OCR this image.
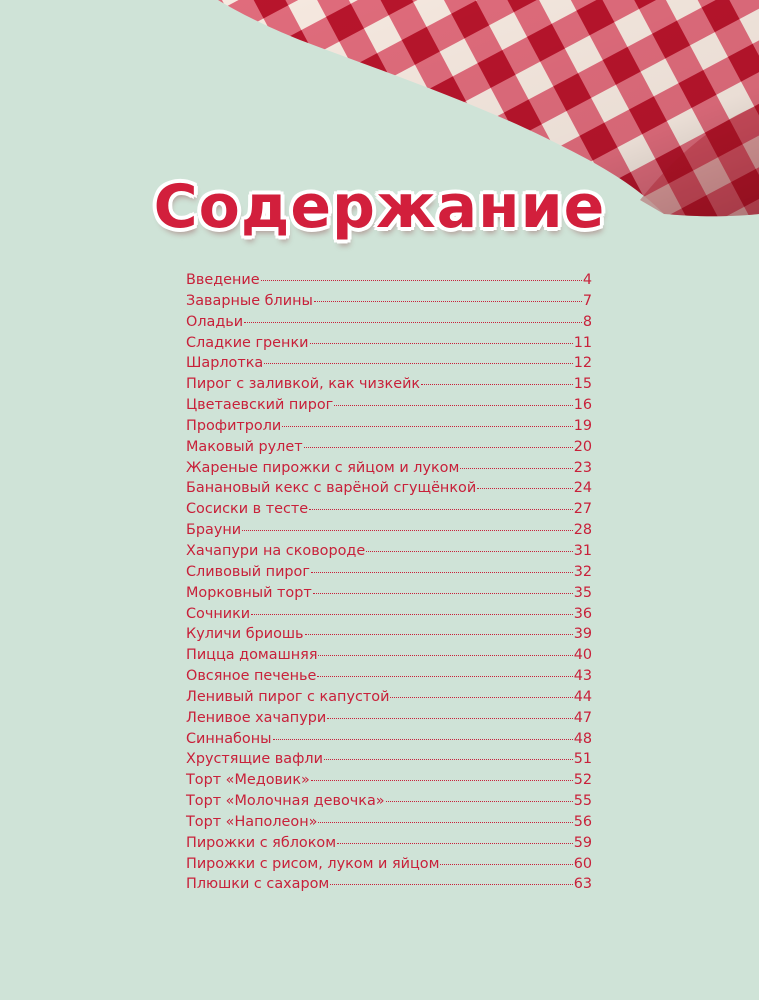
Содержание
Введение	4
Заварные блины	7
Оладьи	8
Сладкие гренки	11
Шарлотка	12
Пирог с заливкой, как чизкейк	15
Цветаевский пирог	16
Профитроли	19
Маковый рулет	20
Жареные пирожки с яйцом и луком	23
Банановый кекс с варёной сгущёнкой	24
Сосиски в тесте	27
Брауни	28
Хачапури на сковороде	31
Сливовый пирог	32
Морковный торт	35
Сочники	36
Куличи бриошь	39
Пицца домашняя	40
Овсяное печенье	43
Ленивый пирог с капустой	44
Ленивое хачапури	47
Синнабоны	48
Хрустящие вафли	51
Торт «Медовик»	52
Торт «Молочная девочка»	55
Торт «Наполеон»	56
Пирожки с яблоком	59
Пирожки с рисом, луком и яйцом	60
Плюшки с сахаром	63
